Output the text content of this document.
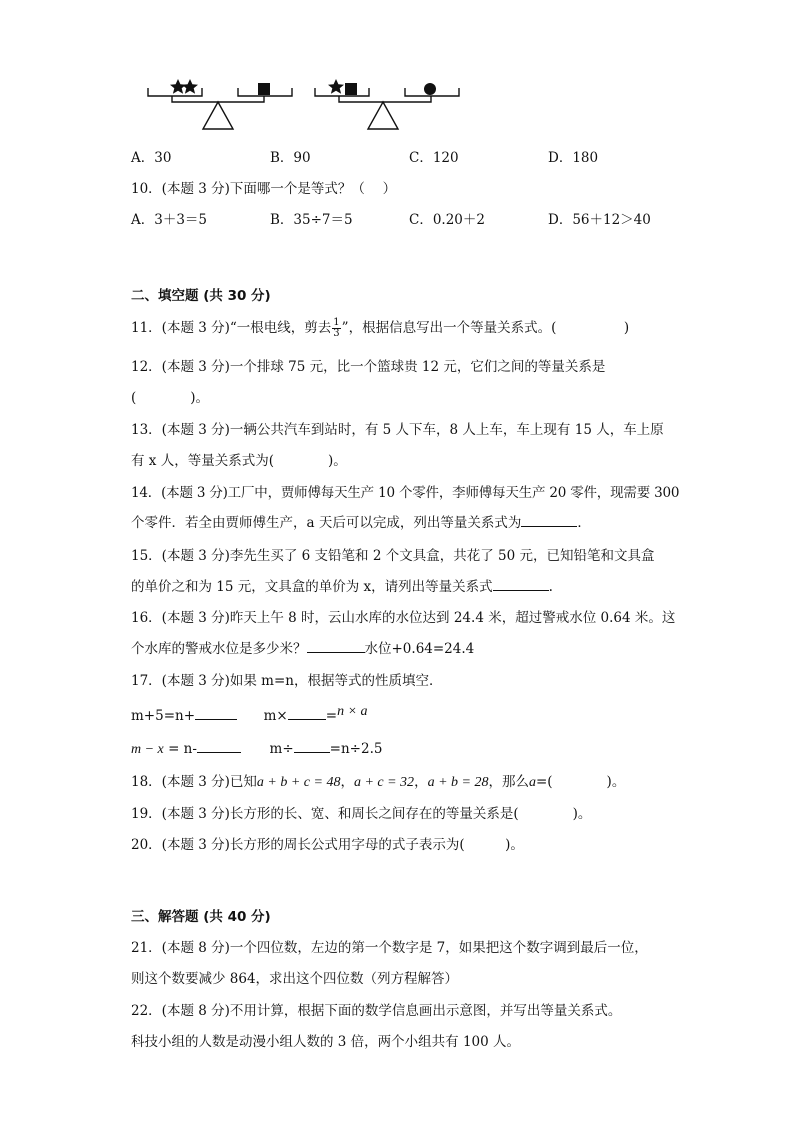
A．30	B．90	C．120	D．180
10．(本题 3 分)下面哪一个是等式？（　 ）
A．3＋3＝5	B．35÷7＝5	C．0.20＋2	D．56＋12＞40
二、填空题 (共 30 分)
11．(本题 3 分)“一根电线，剪去 $\frac{1}{3}$ ”，根据信息写出一个等量关系式。(　　　　　)
12．(本题 3 分)一个排球 75 元，比一个篮球贵 12 元，它们之间的等量关系是
(　　　　)。
13．(本题 3 分)一辆公共汽车到站时，有 5 人下车，8 人上车，车上现有 15 人，车上原
有 x 人，等量关系式为(　　　　)。
14．(本题 3 分)工厂中，贾师傅每天生产 10 个零件，李师傅每天生产 20 零件，现需要 300
个零件．若全由贾师傅生产，a 天后可以完成，列出等量关系式为	．
15．(本题 3 分)李先生买了 6 支铅笔和 2 个文具盒，共花了 50 元，已知铅笔和文具盒
的单价之和为 15 元，文具盒的单价为 x，请列出等量关系式	.
16．(本题 3 分)昨天上午 8 时，云山水库的水位达到 24.4 米，超过警戒水位 0.64 米。这
个水库的警戒水位是多少米？	水位+0.64=24.4
17．(本题 3 分)如果 m=n，根据等式的性质填空．
m+5=n+	m×	=n × a
m − x = n-	m÷	=n÷2.5
18．(本题 3 分)已知a + b + c = 48，a + c = 32，a + b = 28，那么a=(　　　　)。
19．(本题 3 分)长方形的长、宽、和周长之间存在的等量关系是(　　　　)。
20．(本题 3 分)长方形的周长公式用字母的式子表示为(　　　)。
三、解答题 (共 40 分)
21．(本题 8 分)一个四位数，左边的第一个数字是 7，如果把这个数字调到最后一位，
则这个数要减少 864，求出这个四位数（列方程解答）
22．(本题 8 分)不用计算，根据下面的数学信息画出示意图，并写出等量关系式。
科技小组的人数是动漫小组人数的 3 倍，两个小组共有 100 人。
